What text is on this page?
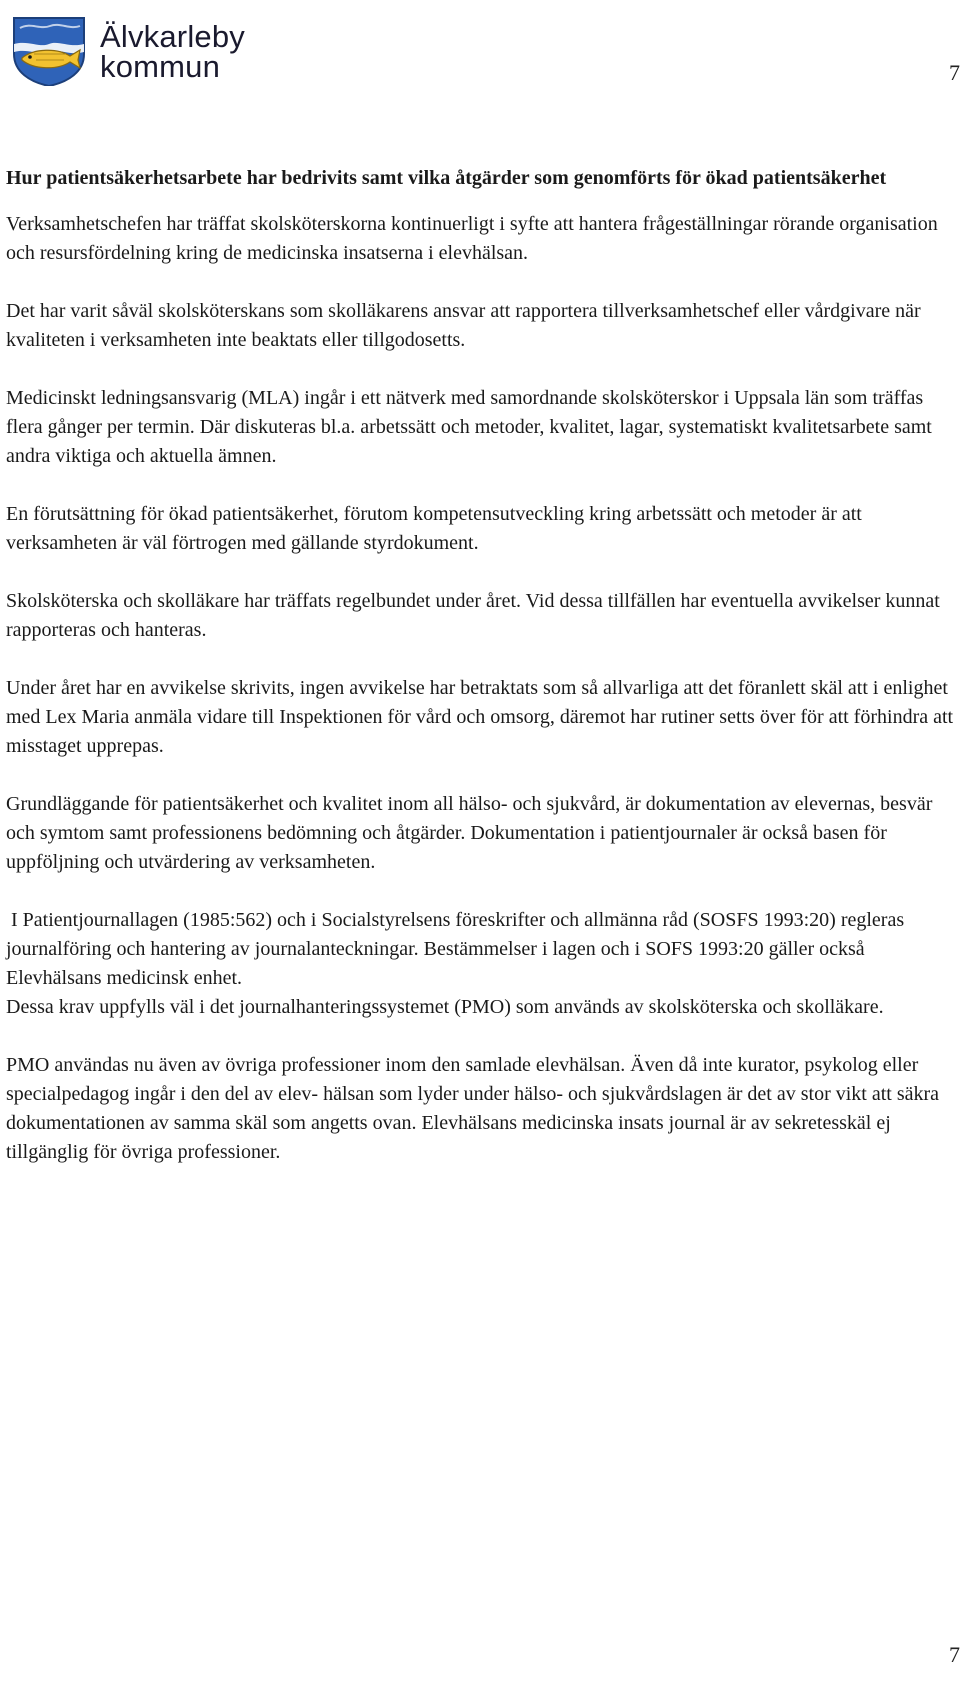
Älvkarleby
kommun	7
Hur patientsäkerhetsarbete har bedrivits samt vilka åtgärder som genomförts för ökad patientsäkerhet

Verksamhetschefen har träffat skolsköterskorna kontinuerligt i syfte att hantera frågeställningar rörande organisation och resursfördelning kring de medicinska insatserna i elevhälsan.

Det har varit såväl skolsköterskans som skolläkarens ansvar att rapportera tillverksamhetschef eller vårdgivare när kvaliteten i verksamheten inte beaktats eller tillgodosetts.

Medicinskt ledningsansvarig (MLA) ingår i ett nätverk med samordnande skolsköterskor i Uppsala län som träffas flera gånger per termin. Där diskuteras bl.a. arbetssätt och metoder, kvalitet, lagar, systematiskt kvalitetsarbete samt andra viktiga och aktuella ämnen.

En förutsättning för ökad patientsäkerhet, förutom kompetensutveckling kring arbetssätt och metoder är att verksamheten är väl förtrogen med gällande styrdokument.

Skolsköterska och skolläkare har träffats regelbundet under året. Vid dessa tillfällen har eventuella avvikelser kunnat rapporteras och hanteras.

Under året har en avvikelse skrivits, ingen avvikelse har betraktats som så allvarliga att det föranlett skäl att i enlighet med Lex Maria anmäla vidare till Inspektionen för vård och omsorg, däremot har rutiner setts över för att förhindra att misstaget upprepas.

Grundläggande för patientsäkerhet och kvalitet inom all hälso- och sjukvård, är dokumentation av elevernas, besvär och symtom samt professionens bedömning och åtgärder. Dokumentation i patientjournaler är också basen för uppföljning och utvärdering av verksamheten.

I Patientjournallagen (1985:562) och i Socialstyrelsens föreskrifter och allmänna råd (SOSFS 1993:20) regleras journalföring och hantering av journalanteckningar. Bestämmelser i lagen och i SOFS 1993:20 gäller också Elevhälsans medicinsk enhet.
Dessa krav uppfylls väl i det journalhanteringssystemet (PMO) som används av skolsköterska och skolläkare.

PMO användas nu även av övriga professioner inom den samlade elevhälsan. Även då inte kurator, psykolog eller specialpedagog ingår i den del av elev- hälsan som lyder under hälso- och sjukvårdslagen är det av stor vikt att säkra dokumentationen av samma skäl som angetts ovan. Elevhälsans medicinska insats journal är av sekretesskäl ej tillgänglig för övriga professioner.

7
